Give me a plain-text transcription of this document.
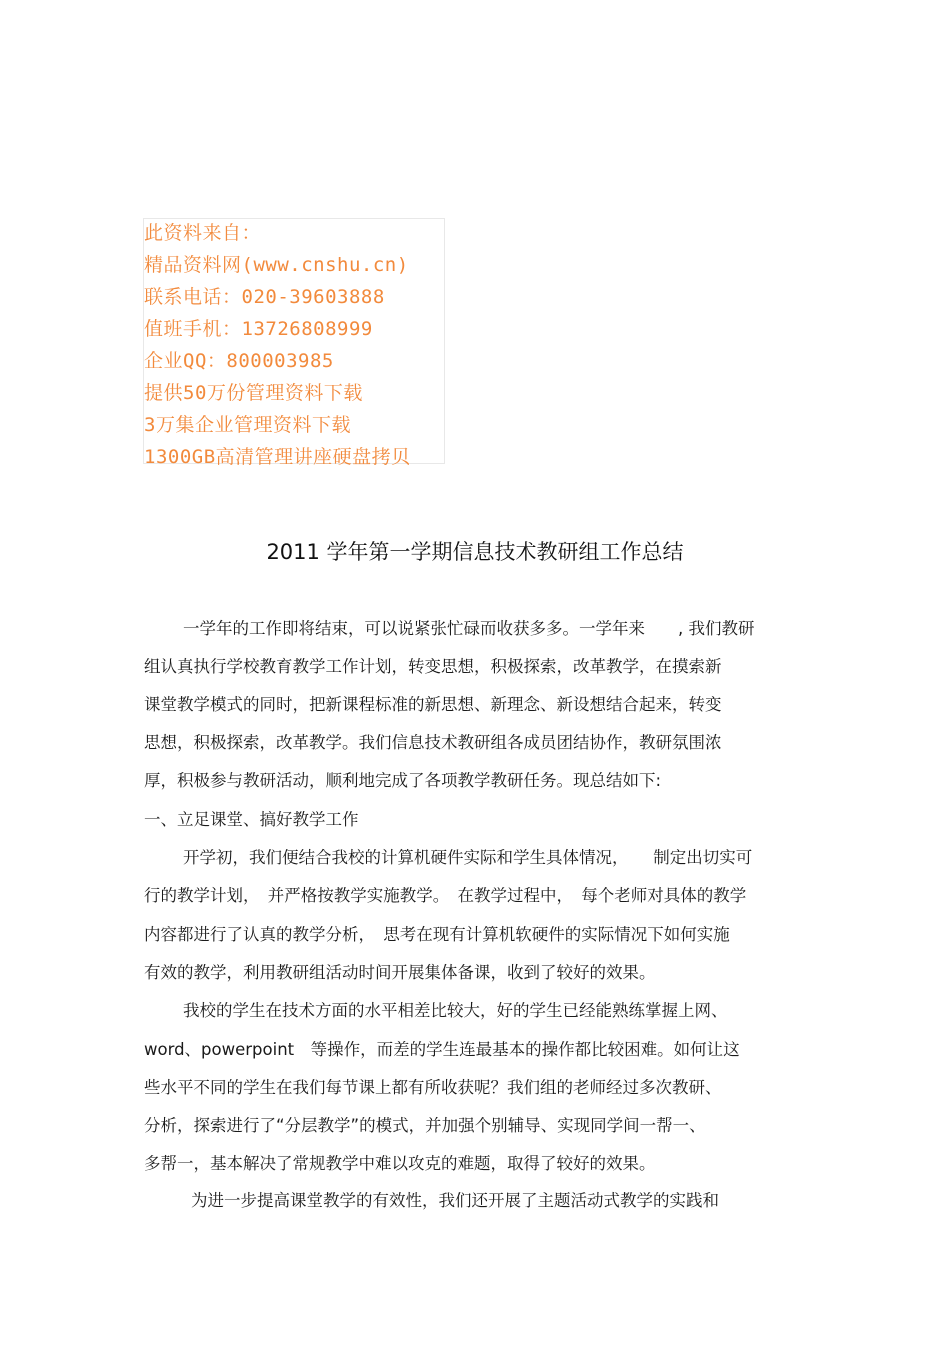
此资料来自：
精品资料网(www.cnshu.cn)
联系电话：020-39603888
值班手机：13726808999
企业QQ：800003985
提供50万份管理资料下载
3万集企业管理资料下载
1300GB高清管理讲座硬盘拷贝
2011 学年第一学期信息技术教研组工作总结
一学年的工作即将结束，可以说紧张忙碌而收获多多。一学年来　　, 我们教研
组认真执行学校教育教学工作计划，转变思想，积极探索，改革教学，在摸索新
课堂教学模式的同时，把新课程标准的新思想、新理念、新设想结合起来，转变
思想，积极探索，改革教学。我们信息技术教研组各成员团结协作，教研氛围浓
厚，积极参与教研活动，顺利地完成了各项教学教研任务。现总结如下:
一、立足课堂、搞好教学工作
开学初，我们便结合我校的计算机硬件实际和学生具体情况，　　制定出切实可
行的教学计划，　并严格按教学实施教学。　在教学过程中，　每个老师对具体的教学
内容都进行了认真的教学分析，　思考在现有计算机软硬件的实际情况下如何实施
有效的教学，利用教研组活动时间开展集体备课，收到了较好的效果。
我校的学生在技术方面的水平相差比较大，好的学生已经能熟练掌握上网、
word、powerpoint　等操作，而差的学生连最基本的操作都比较困难。如何让这
些水平不同的学生在我们每节课上都有所收获呢？我们组的老师经过多次教研、
分析，探索进行了“分层教学”的模式，并加强个别辅导、实现同学间一帮一、
多帮一，基本解决了常规教学中难以攻克的难题，取得了较好的效果。
为进一步提高课堂教学的有效性，我们还开展了主题活动式教学的实践和
